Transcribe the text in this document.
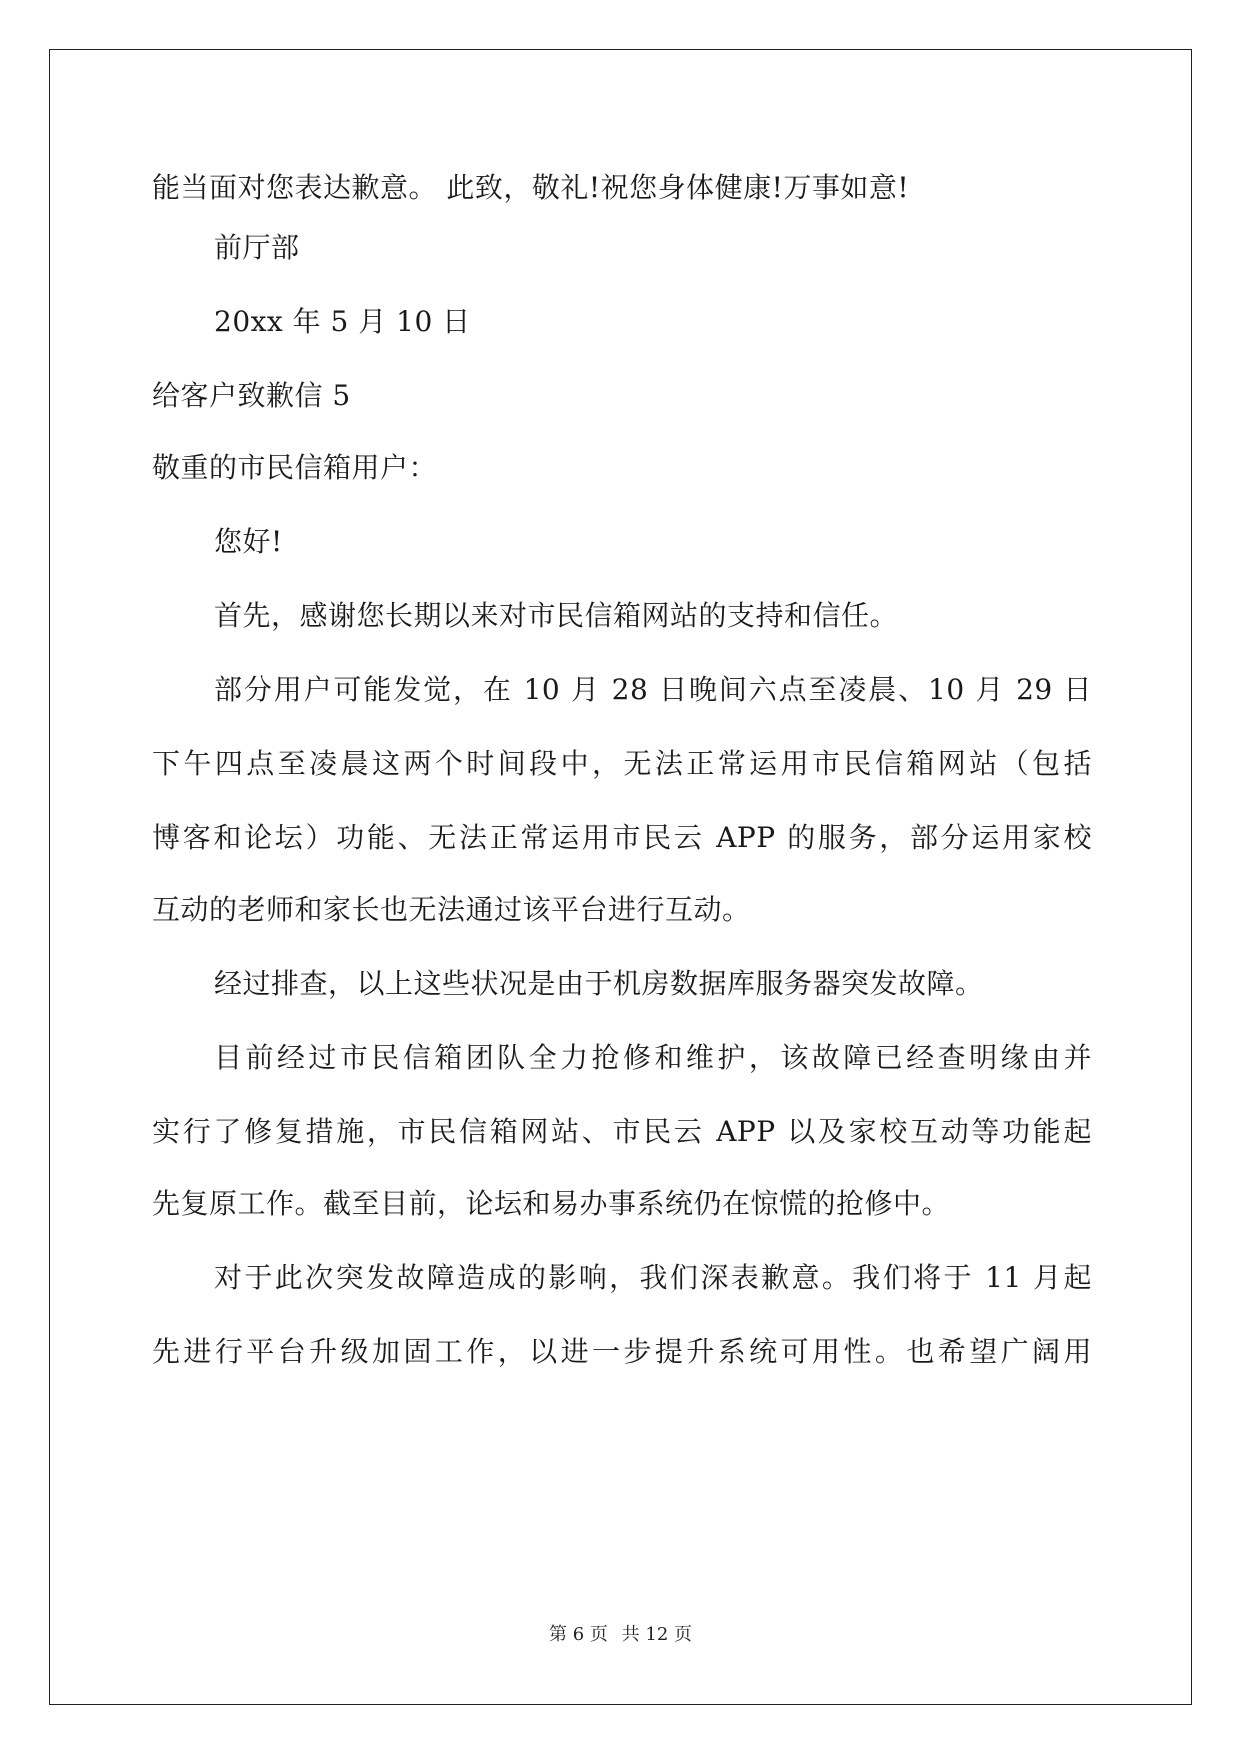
能当面对您表达歉意。 此致，敬礼!祝您身体健康!万事如意!
前厅部
20xx 年 5 月 10 日
给客户致歉信 5
敬重的市民信箱用户：
您好!
首先，感谢您长期以来对市民信箱网站的支持和信任。
部分用户可能发觉，在 10 月 28 日晚间六点至凌晨、10 月 29 日
下午四点至凌晨这两个时间段中，无法正常运用市民信箱网站（包括
博客和论坛）功能、无法正常运用市民云 APP 的服务，部分运用家校
互动的老师和家长也无法通过该平台进行互动。
经过排查，以上这些状况是由于机房数据库服务器突发故障。
目前经过市民信箱团队全力抢修和维护，该故障已经查明缘由并
实行了修复措施，市民信箱网站、市民云 APP 以及家校互动等功能起
先复原工作。截至目前，论坛和易办事系统仍在惊慌的抢修中。
对于此次突发故障造成的影响，我们深表歉意。我们将于 11 月起
先进行平台升级加固工作，以进一步提升系统可用性。也希望广阔用
第 6 页 共 12 页
